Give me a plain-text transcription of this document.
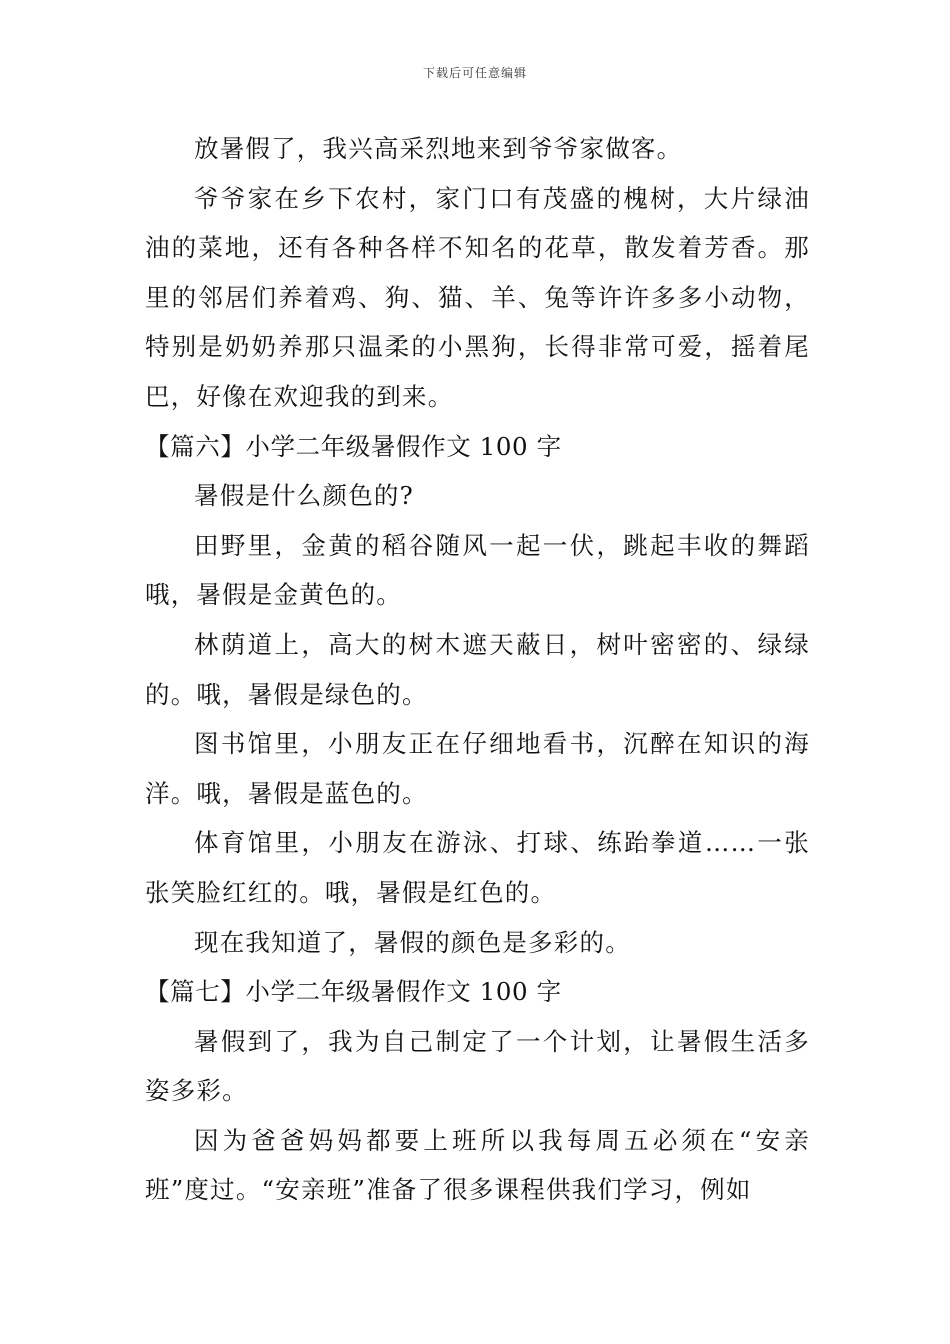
下载后可任意编辑

放暑假了，我兴高采烈地来到爷爷家做客。

爷爷家在乡下农村，家门口有茂盛的槐树，大片绿油油的菜地，还有各种各样不知名的花草，散发着芳香。那里的邻居们养着鸡、狗、猫、羊、兔等许许多多小动物，特别是奶奶养那只温柔的小黑狗，长得非常可爱，摇着尾巴，好像在欢迎我的到来。

【篇六】小学二年级暑假作文 100 字

暑假是什么颜色的?

田野里，金黄的稻谷随风一起一伏，跳起丰收的舞蹈哦，暑假是金黄色的。

林荫道上，高大的树木遮天蔽日，树叶密密的、绿绿的。哦，暑假是绿色的。

图书馆里，小朋友正在仔细地看书，沉醉在知识的海洋。哦，暑假是蓝色的。

体育馆里，小朋友在游泳、打球、练跆拳道……一张张笑脸红红的。哦，暑假是红色的。

现在我知道了，暑假的颜色是多彩的。

【篇七】小学二年级暑假作文 100 字

暑假到了，我为自己制定了一个计划，让暑假生活多姿多彩。

因为爸爸妈妈都要上班所以我每周五必须在“安亲班”度过。“安亲班”准备了很多课程供我们学习，例如
